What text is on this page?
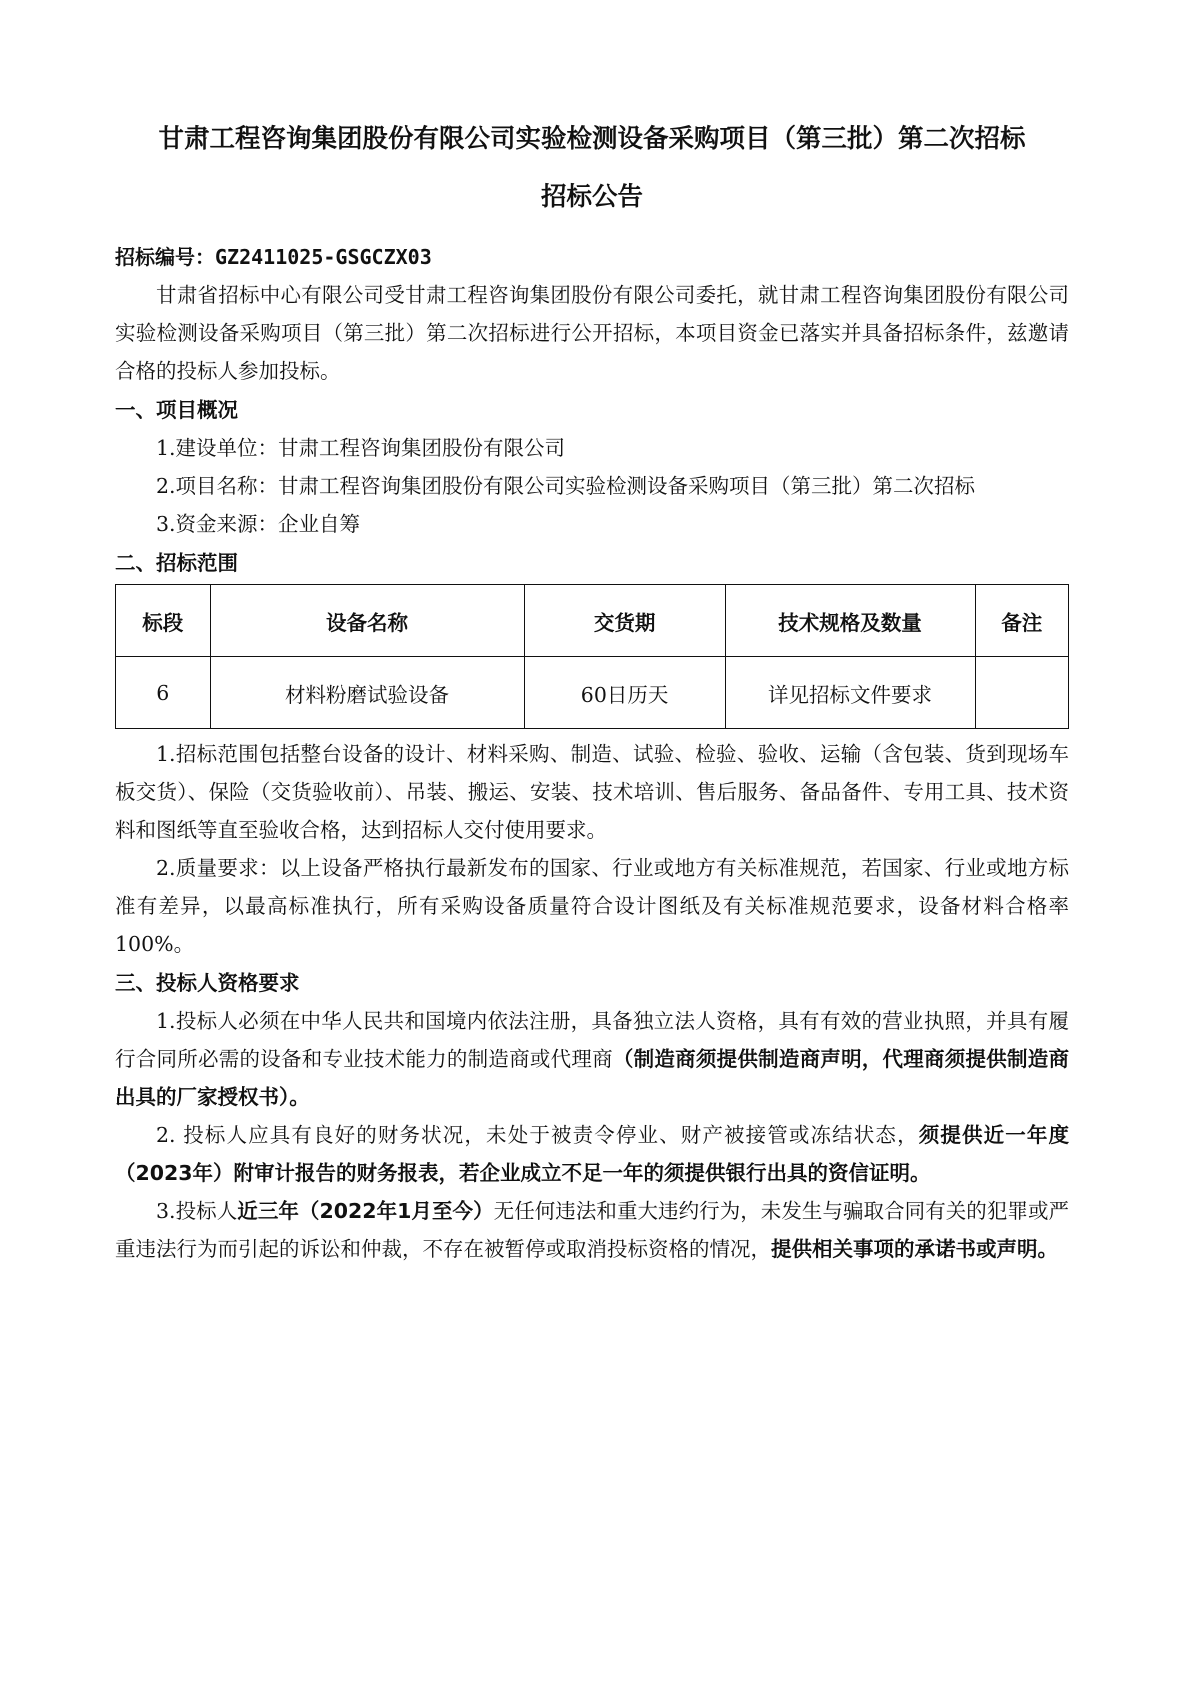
甘肃工程咨询集团股份有限公司实验检测设备采购项目（第三批）第二次招标
招标公告

招标编号：GZ2411025-GSGCZX03

甘肃省招标中心有限公司受甘肃工程咨询集团股份有限公司委托，就甘肃工程咨询集团股份有限公司实验检测设备采购项目（第三批）第二次招标进行公开招标，本项目资金已落实并具备招标条件，兹邀请合格的投标人参加投标。

一、项目概况

1.建设单位：甘肃工程咨询集团股份有限公司

2.项目名称：甘肃工程咨询集团股份有限公司实验检测设备采购项目（第三批）第二次招标

3.资金来源：企业自筹

二、招标范围
标段	设备名称	交货期	技术规格及数量	备注
6	材料粉磨试验设备	60日历天	详见招标文件要求	

1.招标范围包括整台设备的设计、材料采购、制造、试验、检验、验收、运输（含包装、货到现场车板交货）、保险（交货验收前）、吊装、搬运、安装、技术培训、售后服务、备品备件、专用工具、技术资料和图纸等直至验收合格，达到招标人交付使用要求。

2.质量要求：以上设备严格执行最新发布的国家、行业或地方有关标准规范，若国家、行业或地方标准有差异，以最高标准执行，所有采购设备质量符合设计图纸及有关标准规范要求，设备材料合格率 100%。

三、投标人资格要求

1.投标人必须在中华人民共和国境内依法注册，具备独立法人资格，具有有效的营业执照，并具有履行合同所必需的设备和专业技术能力的制造商或代理商（制造商须提供制造商声明，代理商须提供制造商出具的厂家授权书）。

2. 投标人应具有良好的财务状况，未处于被责令停业、财产被接管或冻结状态，须提供近一年度（2023年）附审计报告的财务报表，若企业成立不足一年的须提供银行出具的资信证明。

3.投标人近三年（2022年1月至今）无任何违法和重大违约行为，未发生与骗取合同有关的犯罪或严重违法行为而引起的诉讼和仲裁，不存在被暂停或取消投标资格的情况，提供相关事项的承诺书或声明。
